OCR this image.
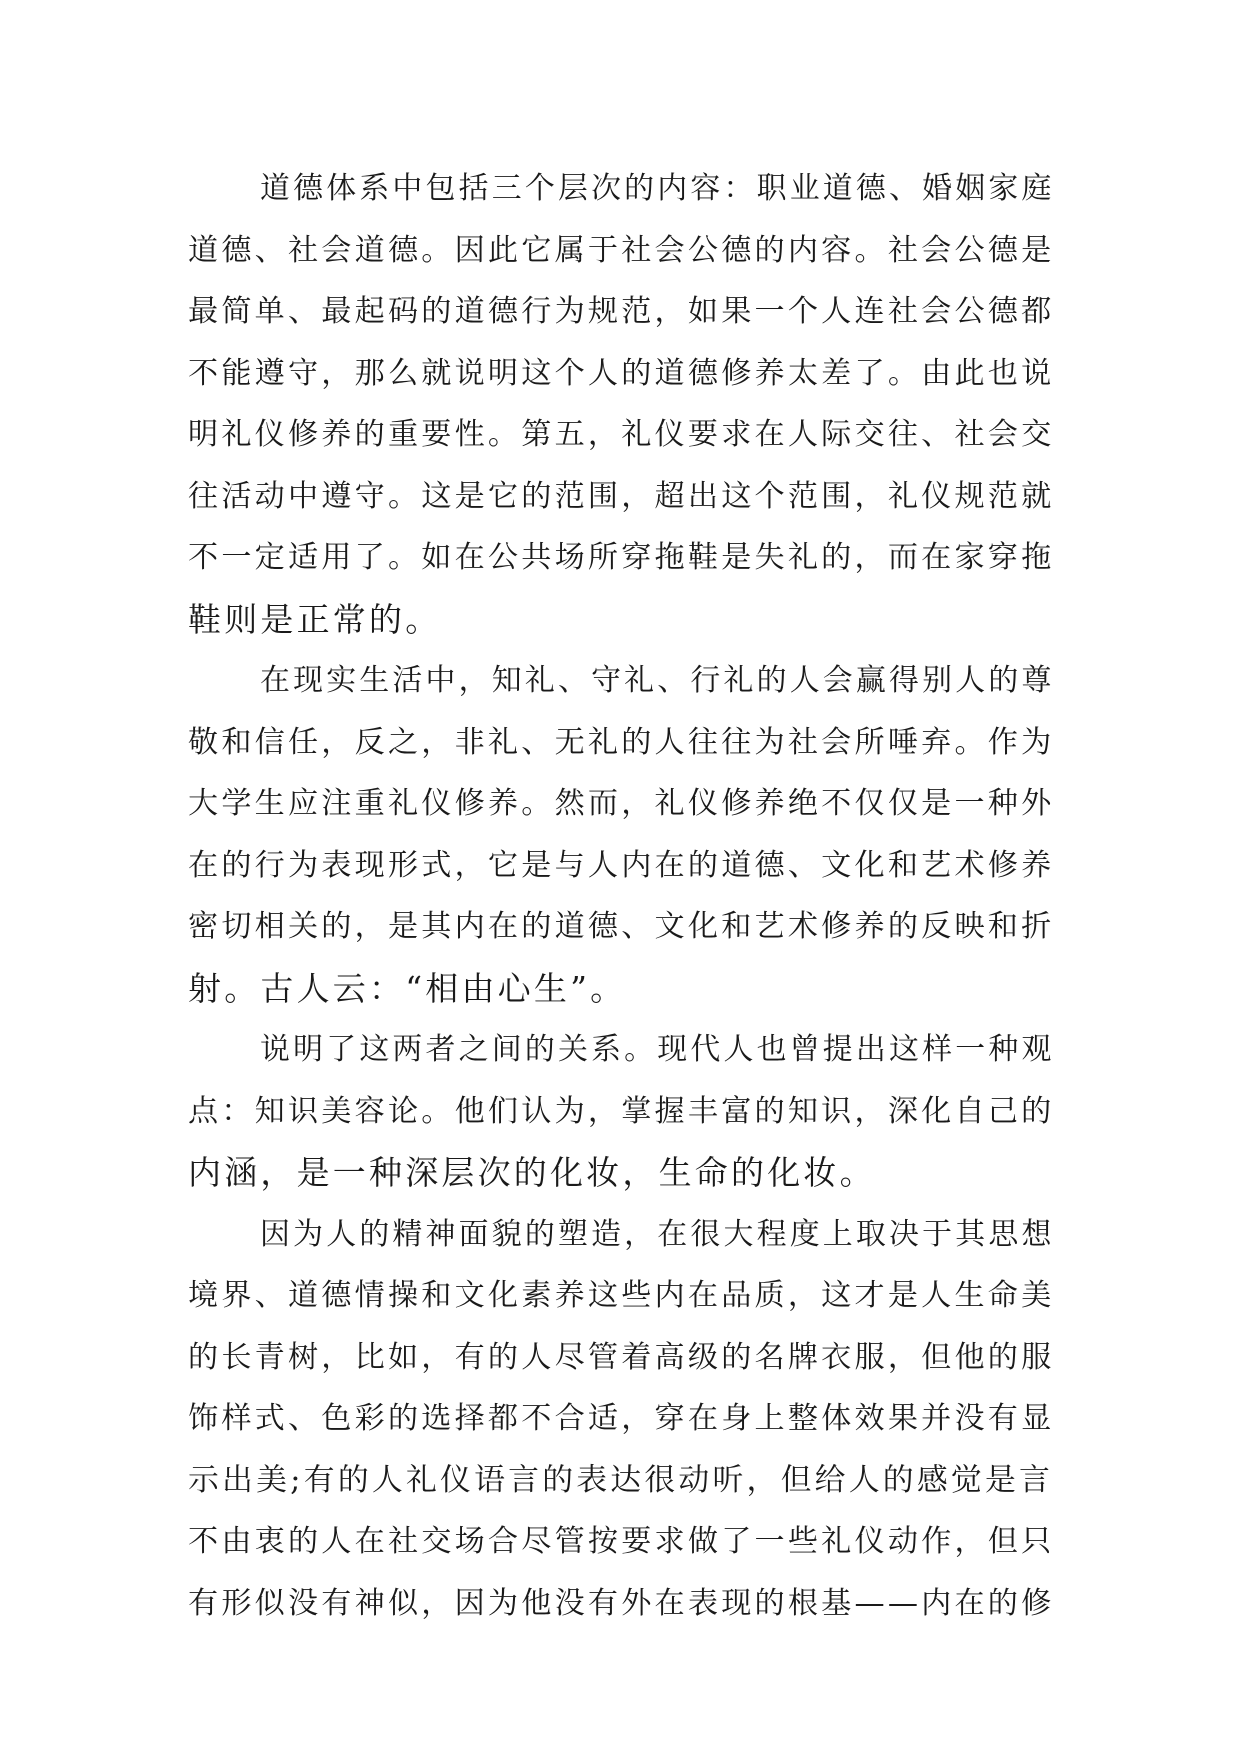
道德体系中包括三个层次的内容：职业道德、婚姻家庭
道德、社会道德。因此它属于社会公德的内容。社会公德是
最简单、最起码的道德行为规范，如果一个人连社会公德都
不能遵守，那么就说明这个人的道德修养太差了。由此也说
明礼仪修养的重要性。第五，礼仪要求在人际交往、社会交
往活动中遵守。这是它的范围，超出这个范围，礼仪规范就
不一定适用了。如在公共场所穿拖鞋是失礼的，而在家穿拖
鞋则是正常的。
在现实生活中，知礼、守礼、行礼的人会赢得别人的尊
敬和信任，反之，非礼、无礼的人往往为社会所唾弃。作为
大学生应注重礼仪修养。然而，礼仪修养绝不仅仅是一种外
在的行为表现形式，它是与人内在的道德、文化和艺术修养
密切相关的，是其内在的道德、文化和艺术修养的反映和折
射。古人云：“相由心生”。
说明了这两者之间的关系。现代人也曾提出这样一种观
点：知识美容论。他们认为，掌握丰富的知识，深化自己的
内涵，是一种深层次的化妆，生命的化妆。
因为人的精神面貌的塑造，在很大程度上取决于其思想
境界、道德情操和文化素养这些内在品质，这才是人生命美
的长青树，比如，有的人尽管着高级的名牌衣服，但他的服
饰样式、色彩的选择都不合适，穿在身上整体效果并没有显
示出美;有的人礼仪语言的表达很动听，但给人的感觉是言
不由衷的人在社交场合尽管按要求做了一些礼仪动作，但只
有形似没有神似，因为他没有外在表现的根基——内在的修
